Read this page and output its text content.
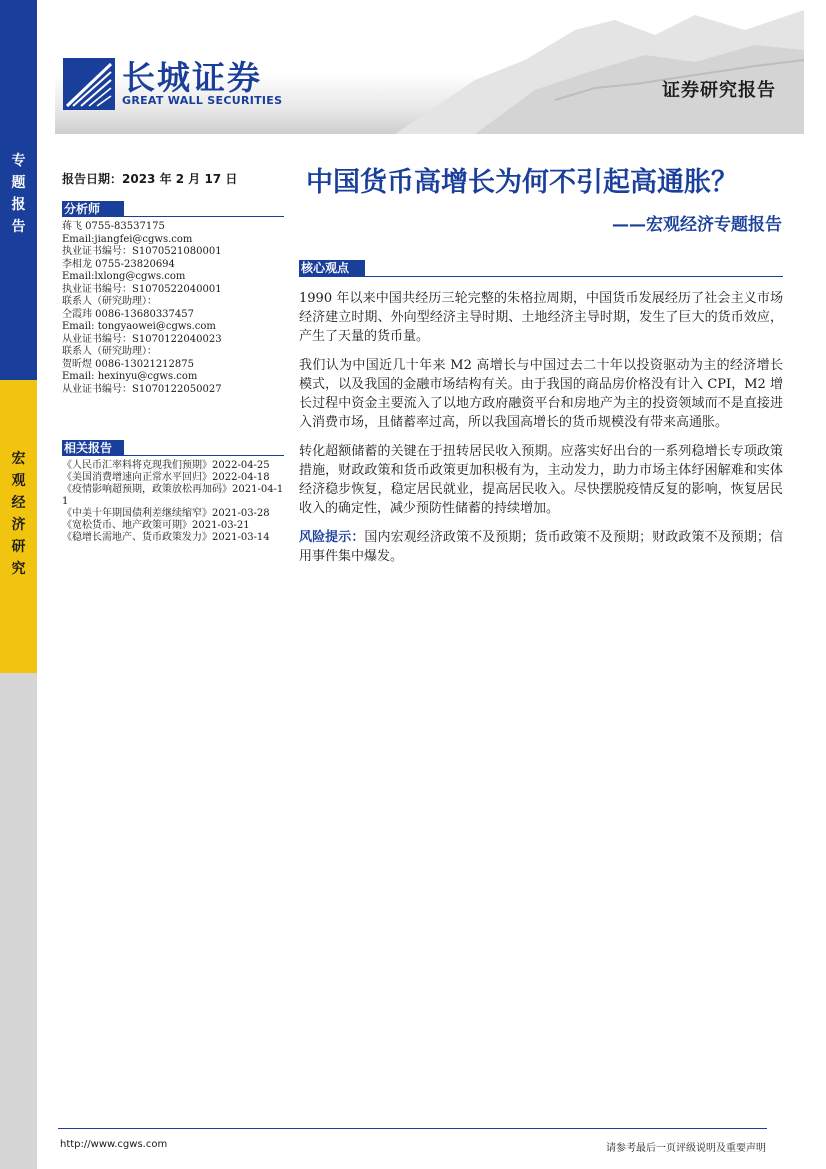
专
题
报
告
宏
观
经
济
研
究
长城证券
GREAT WALL SECURITIES	证券研究报告
报告日期：2023 年 2 月 17 日
分析师
蒋飞 0755-83537175
Email:jiangfei@cgws.com
执业证书编号：S1070521080001
李相龙 0755-23820694
Email:lxlong@cgws.com
执业证书编号：S1070522040001
联系人（研究助理）：
仝霞玮 0086-13680337457
Email: tongyaowei@cgws.com
从业证书编号：S1070122040023
联系人（研究助理）：
贺昕煜 0086-13021212875
Email: hexinyu@cgws.com
从业证书编号：S1070122050027
相关报告
《人民币汇率料将克现我们预期》2022-04-25
《美国消费增速向正常水平回归》2022-04-18
《疫情影响超预期，政策放松再加码》2021-04-11
《中美十年期国债利差继续缩窄》2021-03-28
《宽松货币、地产政策可期》2021-03-21
《稳增长需地产、货币政策发力》2021-03-14
中国货币高增长为何不引起高通胀？
——宏观经济专题报告
核心观点

1990 年以来中国共经历三轮完整的朱格拉周期，中国货币发展经历了社会主义市场经济建立时期、外向型经济主导时期、土地经济主导时期，发生了巨大的货币效应，产生了天量的货币量。

我们认为中国近几十年来 M2 高增长与中国过去二十年以投资驱动为主的经济增长模式，以及我国的金融市场结构有关。由于我国的商品房价格没有计入 CPI，M2 增长过程中资金主要流入了以地方政府融资平台和房地产为主的投资领域而不是直接进入消费市场，且储蓄率过高，所以我国高增长的货币规模没有带来高通胀。

转化超额储蓄的关键在于扭转居民收入预期。应落实好出台的一系列稳增长专项政策措施，财政政策和货币政策更加积极有为，主动发力，助力市场主体纾困解难和实体经济稳步恢复，稳定居民就业，提高居民收入。尽快摆脱疫情反复的影响，恢复居民收入的确定性，减少预防性储蓄的持续增加。

风险提示：国内宏观经济政策不及预期；货币政策不及预期；财政政策不及预期；信用事件集中爆发。

http://www.cgws.com	请参考最后一页评级说明及重要声明
